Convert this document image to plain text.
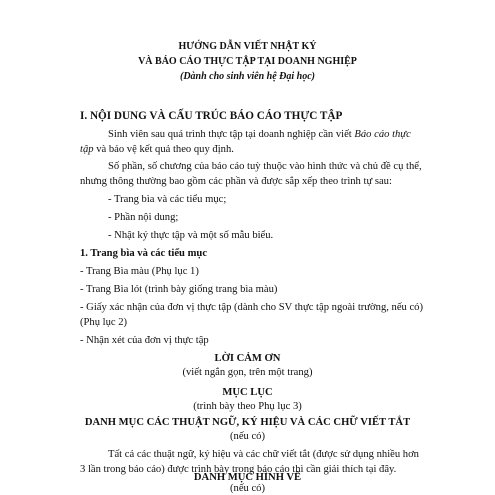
HƯỚNG DẪN VIẾT NHẬT KÝ
VÀ BÁO CÁO THỰC TẬP TẠI DOANH NGHIỆP
(Dành cho sinh viên hệ Đại học)
I. NỘI DUNG VÀ CẤU TRÚC BÁO CÁO THỰC TẬP
Sinh viên sau quá trình thực tập tại doanh nghiệp cần viết Báo cáo thực
tập và bảo vệ kết quả theo quy định.
Số phần, số chương của báo cáo tuỳ thuộc vào hình thức và chủ đề cụ thể,
nhưng thông thường bao gồm các phần và được sắp xếp theo trình tự sau:
- Trang bìa và các tiểu mục;
- Phần nội dung;
- Nhật ký thực tập và một số mẫu biểu.
1. Trang bìa và các tiểu mục
- Trang Bìa màu (Phụ lục 1)
- Trang Bìa lót (trình bày giống trang bìa màu)
- Giấy xác nhận của đơn vị thực tập (dành cho SV thực tập ngoài trường, nếu có)
(Phụ lục 2)
- Nhận xét của đơn vị thực tập
LỜI CẢM ƠN
(viết ngắn gọn, trên một trang)
MỤC LỤC
(trình bày theo Phụ lục 3)
DANH MỤC CÁC THUẬT NGỮ, KÝ HIỆU VÀ CÁC CHỮ VIẾT TẮT
(nếu có)
Tất cả các thuật ngữ, ký hiệu và các chữ viết tắt (được sử dụng nhiều hơn
3 lần trong báo cáo) được trình bày trong báo cáo thì cần giải thích tại đây.
DANH MỤC HÌNH VẼ
(nếu có)
